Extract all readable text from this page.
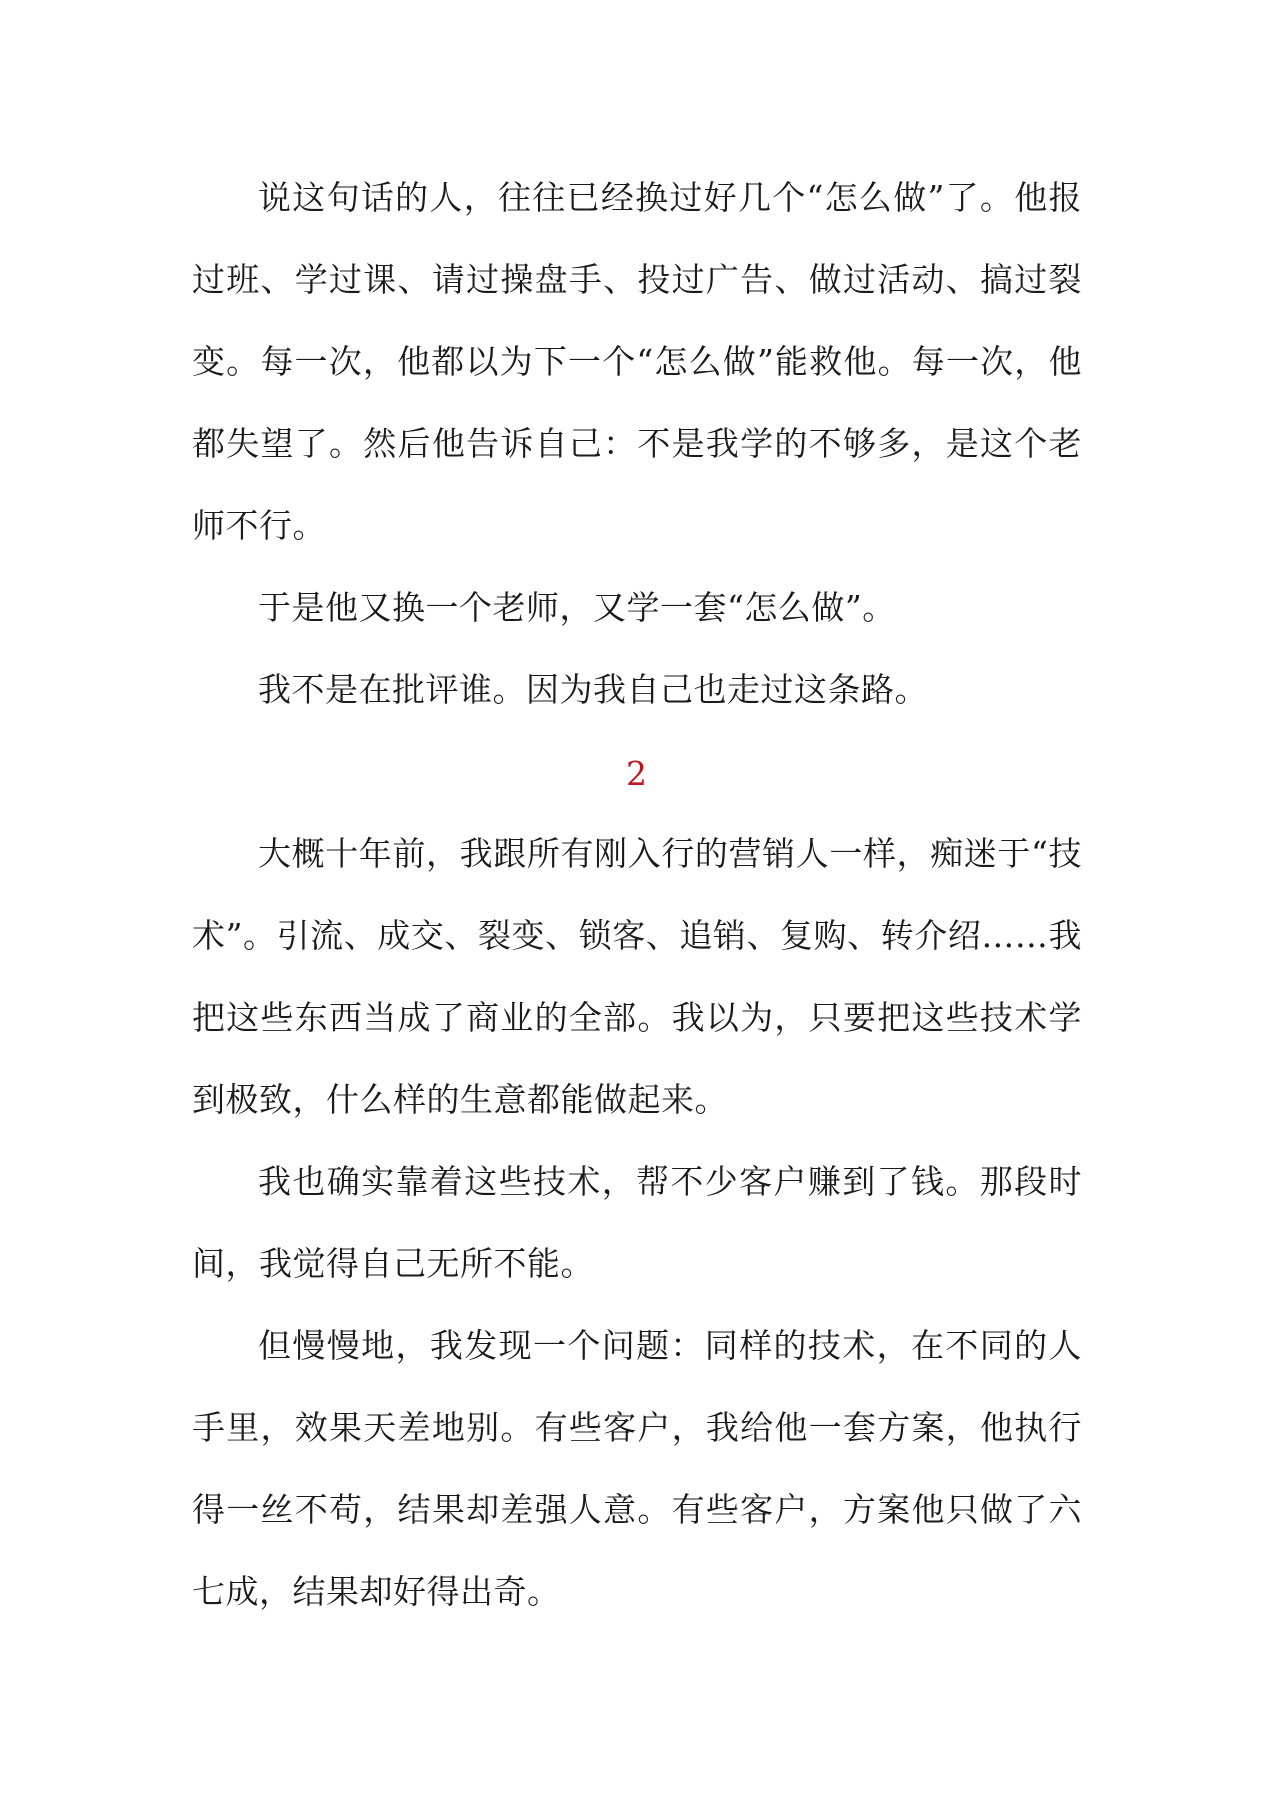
说这句话的人，往往已经换过好几个“怎么做”了。他报过班、学过课、请过操盘手、投过广告、做过活动、搞过裂变。每一次，他都以为下一个“怎么做”能救他。每一次，他都失望了。然后他告诉自己：不是我学的不够多，是这个老师不行。

于是他又换一个老师，又学一套“怎么做”。

我不是在批评谁。因为我自己也走过这条路。

2

大概十年前，我跟所有刚入行的营销人一样，痴迷于“技术”。引流、成交、裂变、锁客、追销、复购、转介绍……我把这些东西当成了商业的全部。我以为，只要把这些技术学到极致，什么样的生意都能做起来。

我也确实靠着这些技术，帮不少客户赚到了钱。那段时间，我觉得自己无所不能。

但慢慢地，我发现一个问题：同样的技术，在不同的人手里，效果天差地别。有些客户，我给他一套方案，他执行得一丝不苟，结果却差强人意。有些客户，方案他只做了六七成，结果却好得出奇。
